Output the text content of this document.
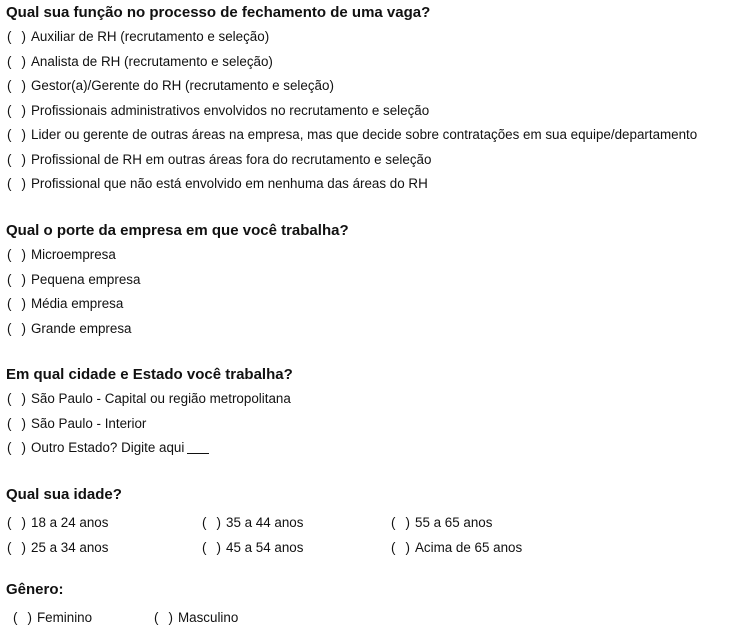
Qual sua função no processo de fechamento de uma vaga?
( ) Auxiliar de RH (recrutamento e seleção)
( ) Analista de RH (recrutamento e seleção)
( ) Gestor(a)/Gerente do RH (recrutamento e seleção)
( ) Profissionais administrativos envolvidos no recrutamento e seleção
( ) Lider ou gerente de outras áreas na empresa, mas que decide sobre contratações em sua equipe/departamento
( ) Profissional de RH em outras áreas fora do recrutamento e seleção
( ) Profissional que não está envolvido em nenhuma das áreas do RH
Qual o porte da empresa em que você trabalha?
( ) Microempresa
( ) Pequena empresa
( ) Média empresa
( ) Grande empresa
Em qual cidade e Estado você trabalha?
( ) São Paulo - Capital ou região metropolitana
( ) São Paulo - Interior
( ) Outro Estado? Digite aqui
Qual sua idade?
( ) 18 a 24 anos	( ) 35 a 44 anos	( ) 55 a 65 anos
( ) 25 a 34 anos	( ) 45 a 54 anos	( ) Acima de 65 anos
Gênero:
( ) Feminino	( ) Masculino
